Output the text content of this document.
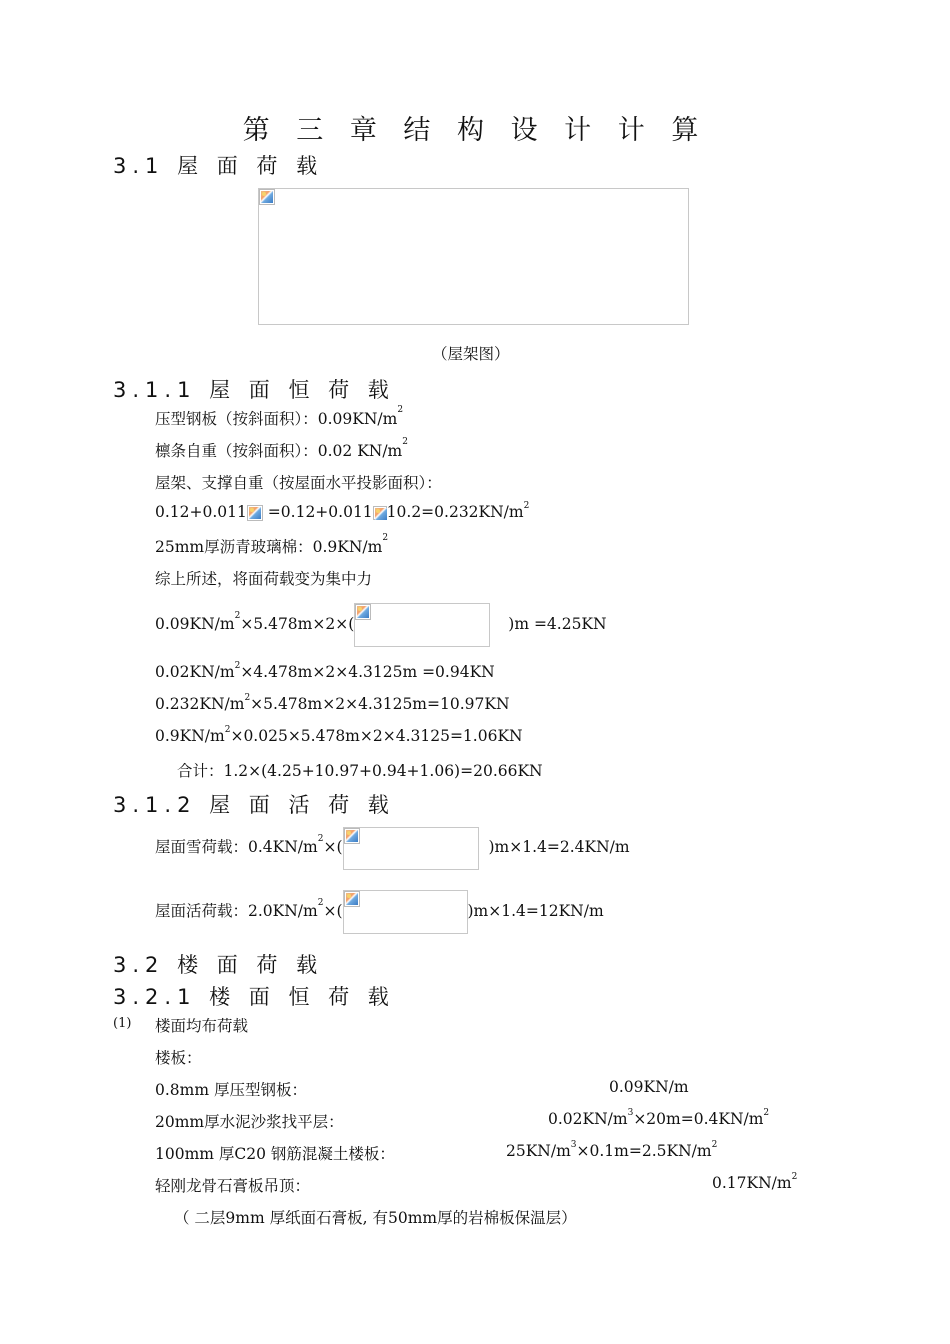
第 三 章 结 构 设 计 计 算
3.1 屋 面 荷 载
（屋架图）
3.1.1 屋 面 恒 荷 载
压型钢板（按斜面积）：$0.09KN/m^2$
檩条自重（按斜面积）：0.02 $KN/m^2$
屋架、支撑自重（按屋面水平投影面积）：
0.12+0.011 =0.12+0.011 $10.2=0.232KN/m^2$
25mm厚沥青玻璃棉：$0.9KN/m^2$
综上所述，将面荷载变为集中力
$0.09KN/m^2\times 5.478m\times 2\times$(	)m =4.25KN
$0.02KN/m^2\times 4.478m\times 2\times 4.3125m =0.94KN$
$0.232KN/m^2\times 5.478m\times 2\times 4.3125m=10.97KN$
$0.9KN/m^2\times 0.025\times 5.478m\times 2\times 4.3125=1.06KN$
合计：1.2×(4.25+10.97+0.94+1.06)=20.66KN
3.1.2 屋 面 活 荷 载
屋面雪荷载：$0.4KN/m^2\times$(	)m×1.4=2.4KN/m
屋面活荷载：$2.0KN/m^2\times$(	)m×1.4=12KN/m
3.2 楼 面 荷 载
3.2.1 楼 面 恒 荷 载
(1) 楼面均布荷载
楼板：
0.8mm 厚压型钢板：	0.09KN/m
20mm厚水泥沙浆找平层：	$0.02KN/m^3\times 20m=0.4KN/m^2$
100mm 厚C20 钢筋混凝土楼板：	$25KN/m^3\times 0.1m=2.5KN/m^2$
轻刚龙骨石膏板吊顶：	$0.17KN/m^2$
（ 二层9mm 厚纸面石膏板, 有50mm厚的岩棉板保温层）
